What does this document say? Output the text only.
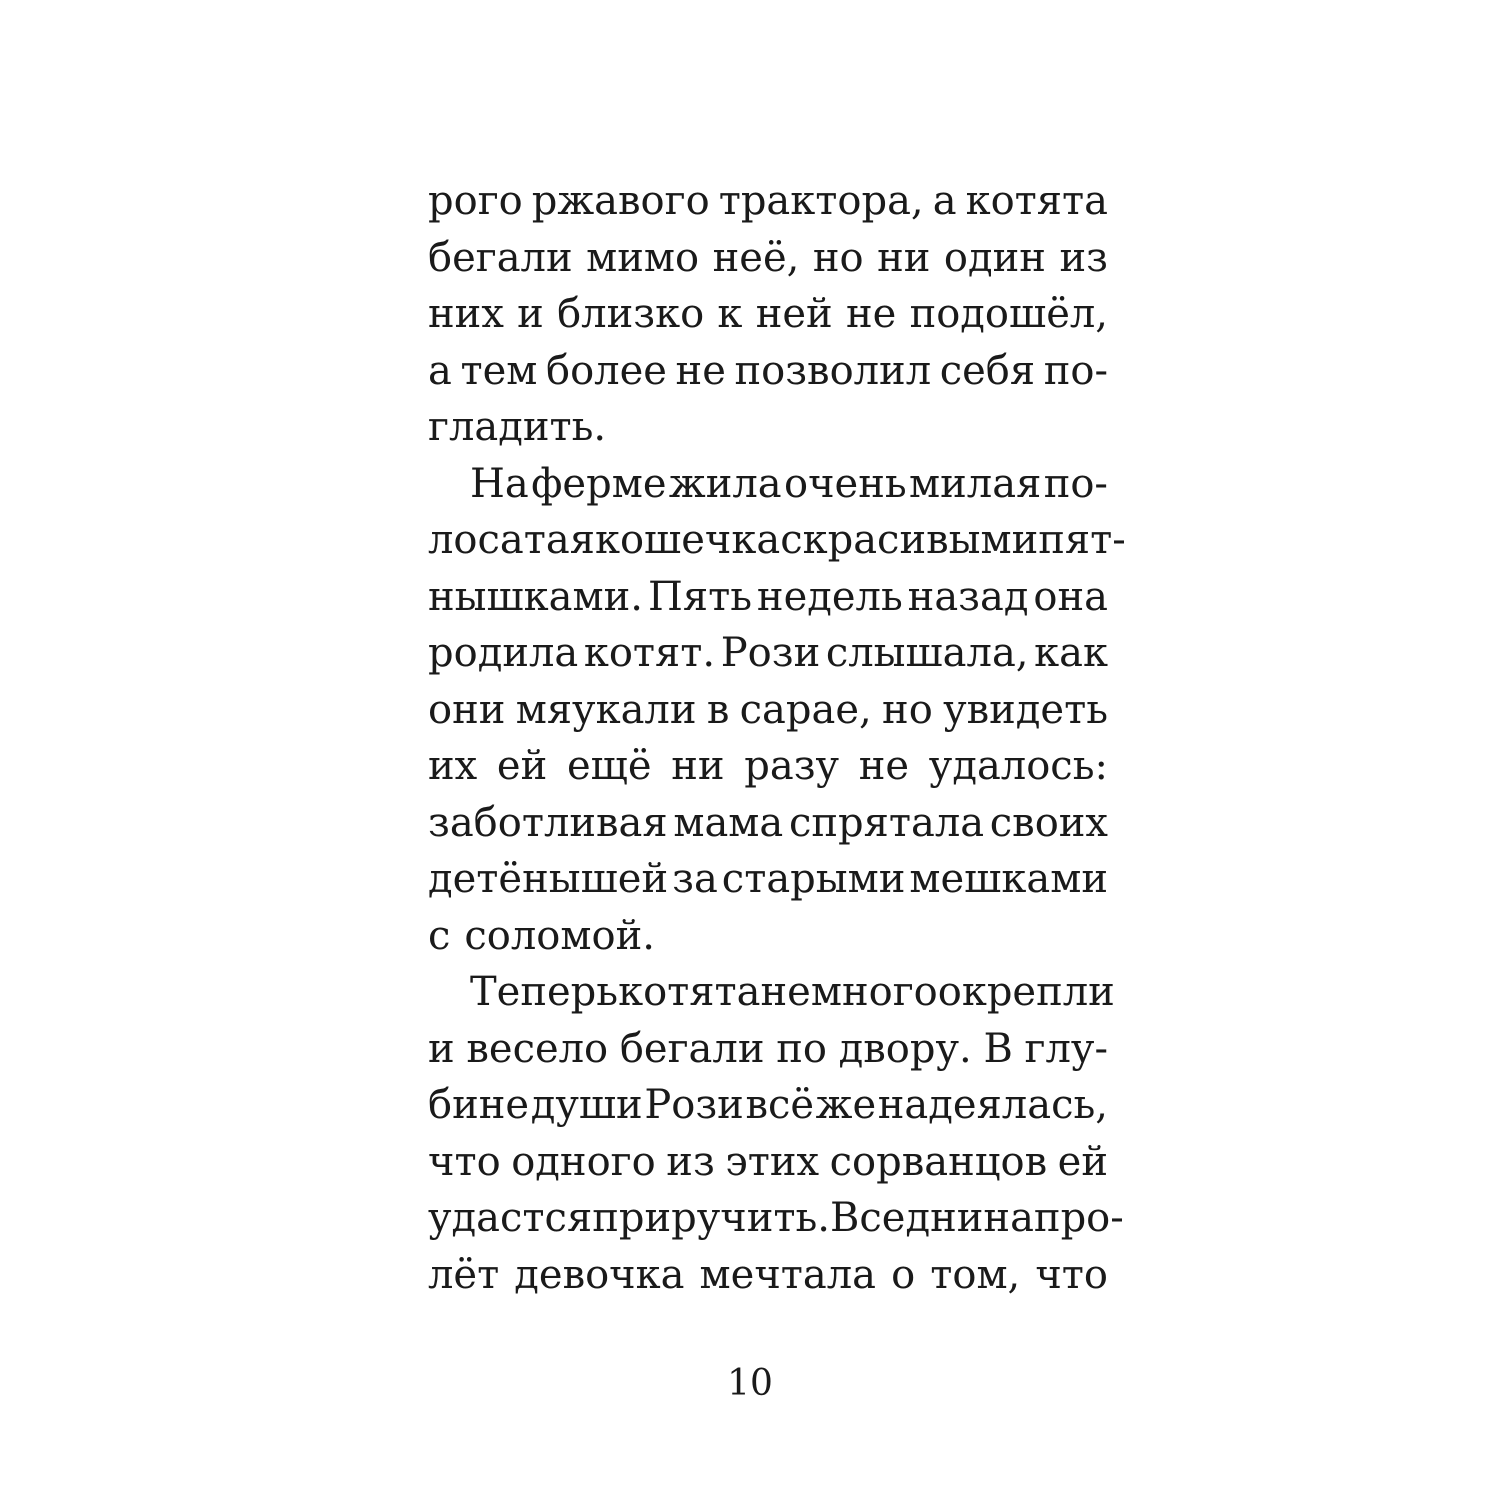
рого ржавого трактора, а котята
бегали мимо неё, но ни один из
них и близко к ней не подошёл,
а тем более не позволил себя по-
гладить.
На ферме жила очень милая по-
лосатая кошечка с красивыми пят-
нышками. Пять недель назад она
родила котят. Рози слышала, как
они мяукали в сарае, но увидеть
их ей ещё ни разу не удалось:
заботливая мама спрятала своих
детёнышей за старыми мешками
с соломой.
Теперь котята немного окрепли
и весело бегали по двору. В глу-
бине души Рози всё же надеялась,
что одного из этих сорванцов ей
удастся приручить. Все дни напро-
лёт девочка мечтала о том, что
10
